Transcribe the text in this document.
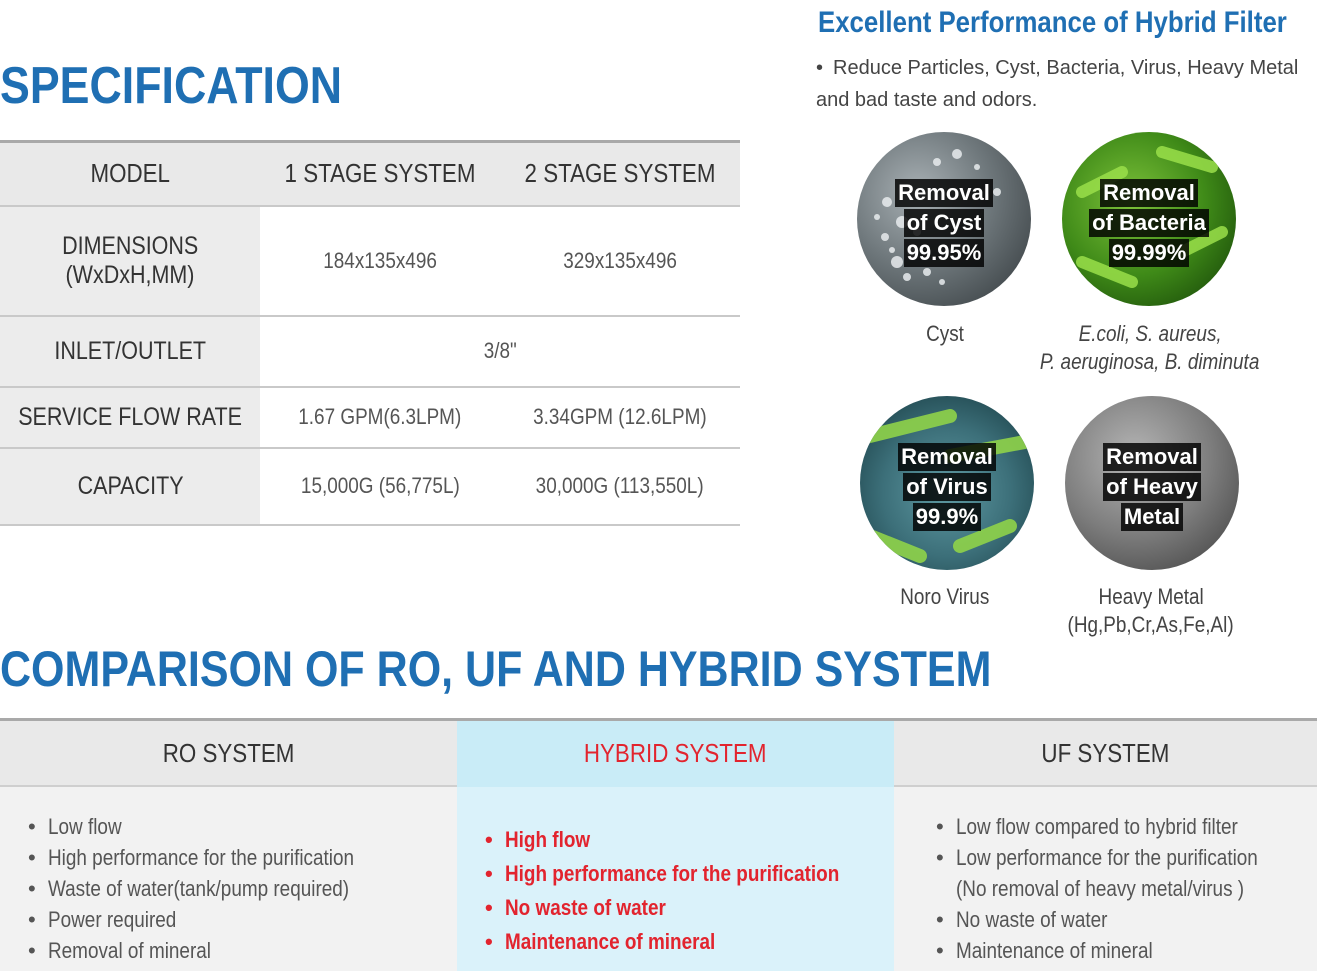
SPECIFICATION
MODEL	1 STAGE SYSTEM	2 STAGE SYSTEM
DIMENSIONS
(WxDxH,MM)	184x135x496	329x135x496
INLET/OUTLET	3/8"	
SERVICE FLOW RATE	1.67 GPM(6.3LPM)	3.34GPM (12.6LPM)
CAPACITY	15,000G (56,775L)	30,000G (113,550L)
Excellent Performance of Hybrid Filter
• Reduce Particles, Cyst, Bacteria, Virus, Heavy Metal and bad taste and odors.
Removal
of Cyst
99.95%
Cyst
Removal
of Bacteria
99.99%
E.coli, S. aureus,
P. aeruginosa, B. diminuta
Removal
of Virus
99.9%
Noro Virus
Removal
of Heavy
Metal
Heavy Metal
(Hg,Pb,Cr,As,Fe,Al)
COMPARISON OF RO, UF AND HYBRID SYSTEM
RO SYSTEM
• Low flow
• High performance for the purification
• Waste of water(tank/pump required)
• Power required
• Removal of mineral
HYBRID SYSTEM
• High flow
• High performance for the purification
• No waste of water
• Maintenance of mineral
UF SYSTEM
• Low flow compared to hybrid filter
• Low performance for the purification
(No removal of heavy metal/virus )
• No waste of water
• Maintenance of mineral
